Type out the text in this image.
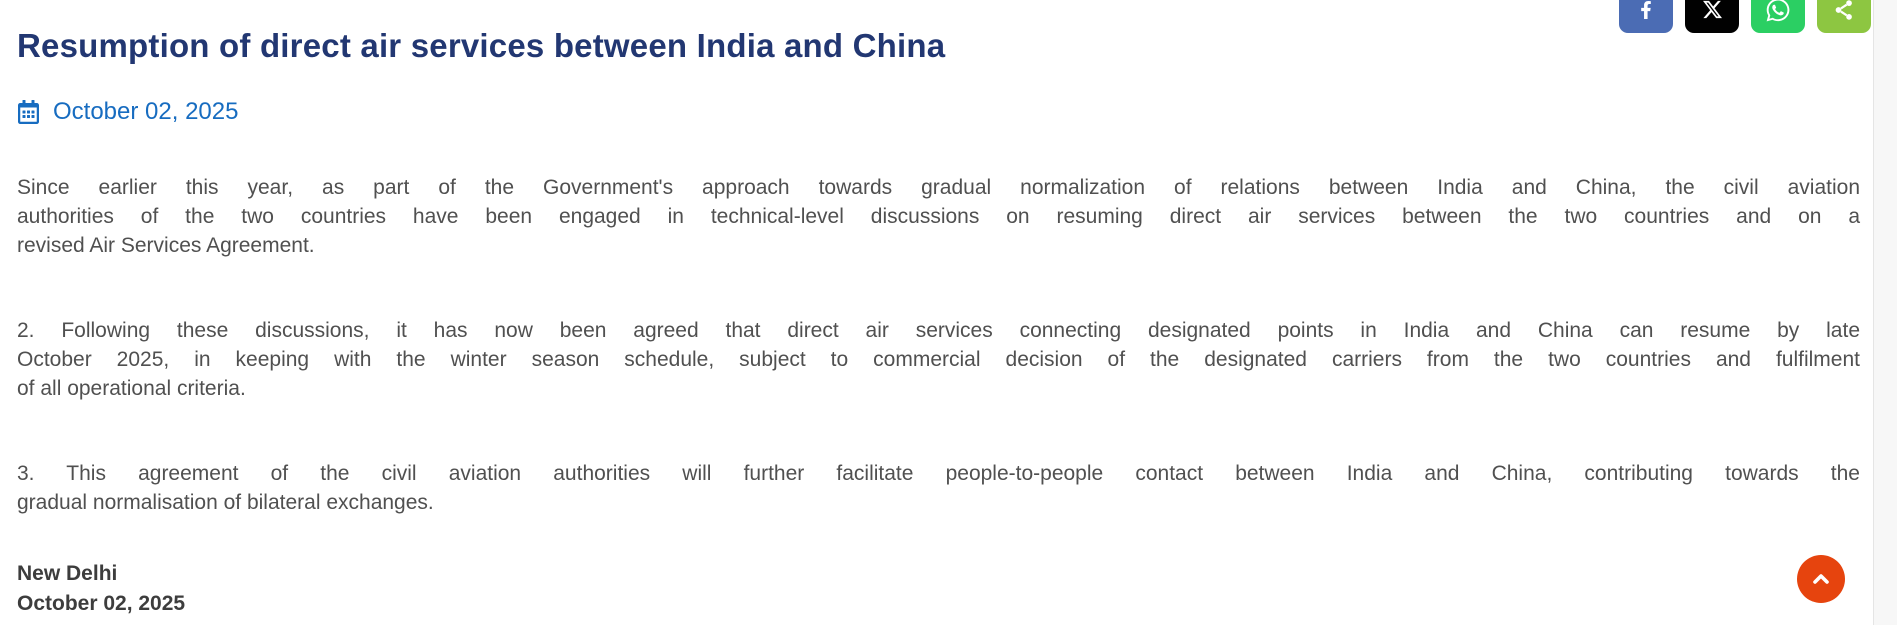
Resumption of direct air services between India and China
October 02, 2025

Since earlier this year, as part of the Government's approach towards gradual normalization of relations between India and China, the civil aviation
authorities of the two countries have been engaged in technical-level discussions on resuming direct air services between the two countries and on a
revised Air Services Agreement.

2. Following these discussions, it has now been agreed that direct air services connecting designated points in India and China can resume by late
October 2025, in keeping with the winter season schedule, subject to commercial decision of the designated carriers from the two countries and fulfilment
of all operational criteria.

3. This agreement of the civil aviation authorities will further facilitate people-to-people contact between India and China, contributing towards the
gradual normalisation of bilateral exchanges.

New Delhi
October 02, 2025
